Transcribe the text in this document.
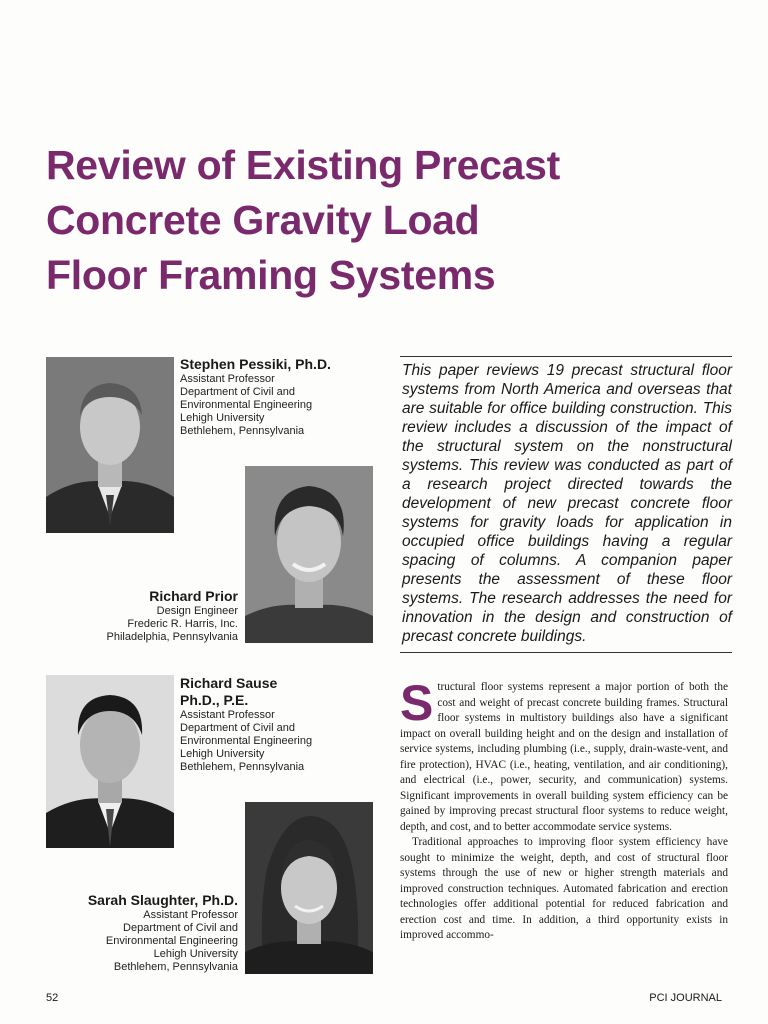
Review of Existing Precast
Concrete Gravity Load
Floor Framing Systems
Stephen Pessiki, Ph.D.
Assistant Professor
Department of Civil and
Environmental Engineering
Lehigh University
Bethlehem, Pennsylvania
Richard Prior
Design Engineer
Frederic R. Harris, Inc.
Philadelphia, Pennsylvania
Richard Sause
Ph.D., P.E.
Assistant Professor
Department of Civil and
Environmental Engineering
Lehigh University
Bethlehem, Pennsylvania
Sarah Slaughter, Ph.D.
Assistant Professor
Department of Civil and
Environmental Engineering
Lehigh University
Bethlehem, Pennsylvania

This paper reviews 19 precast structural floor systems from North America and overseas that are suitable for office building construction. This review includes a discussion of the impact of the structural system on the nonstructural systems. This review was conducted as part of a research project directed towards the development of new precast concrete floor systems for gravity loads for application in occupied office buildings having a regular spacing of columns. A companion paper presents the assessment of these floor systems. The research addresses the need for innovation in the design and construction of precast concrete buildings.

Structural floor systems represent a major portion of both the cost and weight of precast concrete building frames. Structural floor systems in multistory buildings also have a significant impact on overall building height and on the design and installation of service systems, including plumbing (i.e., supply, drain-waste-vent, and fire protection), HVAC (i.e., heating, ventilation, and air conditioning), and electrical (i.e., power, security, and communication) systems. Significant improvements in overall building system efficiency can be gained by improving precast structural floor systems to reduce weight, depth, and cost, and to better accommodate service systems.

Traditional approaches to improving floor system efficiency have sought to minimize the weight, depth, and cost of structural floor systems through the use of new or higher strength materials and improved construction techniques. Automated fabrication and erection technologies offer additional potential for reduced fabrication and erection cost and time. In addition, a third opportunity exists in improved accommo-

52	PCI JOURNAL
